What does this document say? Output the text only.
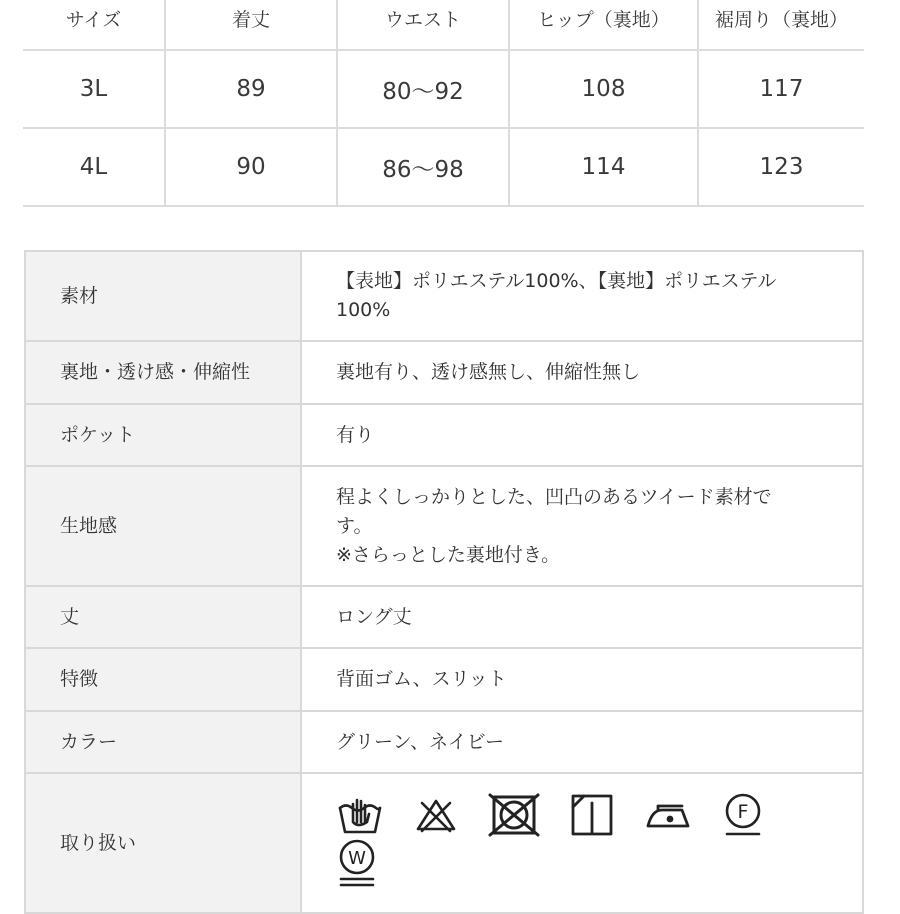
サイズ	着丈	ウエスト	ヒップ（裏地）	裾周り（裏地）
3L	89	80〜92	108	117
4L	90	86〜98	114	123
素材	【表地】ポリエステル100%、【裏地】ポリエステル
100%

裏地・透け感・伸縮性	裏地有り、透け感無し、伸縮性無し
ポケット	有り
生地感	程よくしっかりとした、凹凸のあるツイード素材で
す。
※さらっとした裏地付き。

丈	ロング丈
特徴	背面ゴム、スリット
カラー	グリーン、ネイビー
取り扱い	F
W
